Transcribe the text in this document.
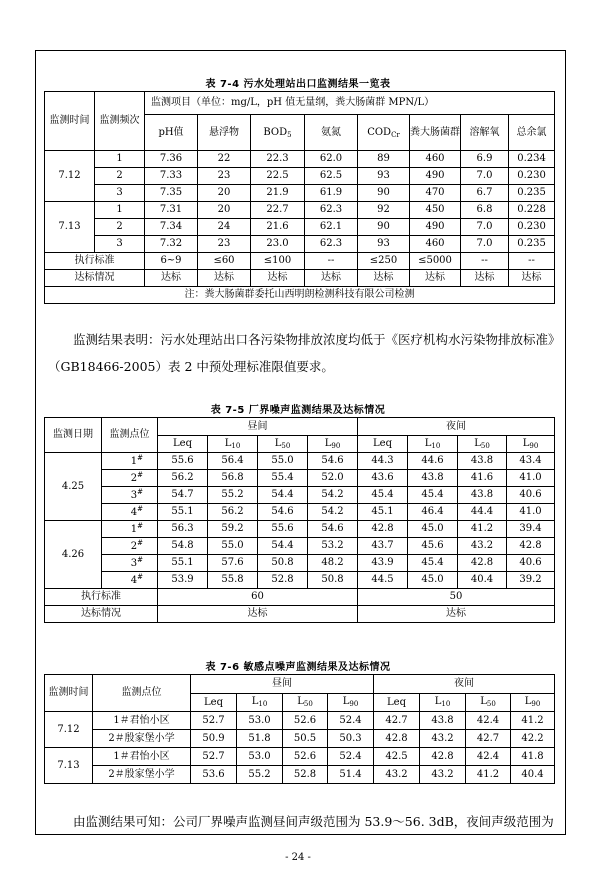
表 7-4 污水处理站出口监测结果一览表
监测时间	监测频次	监测项目（单位：mg/L，pH 值无量纲，粪大肠菌群 MPN/L）							
		pH值	悬浮物	$BOD_5$	氨氮	$COD_{Cr}$	粪大肠菌群	溶解氧	总余氯
7.12	1	7.36	22	22.3	62.0	89	460	6.9	0.234
	2	7.33	23	22.5	62.5	93	490	7.0	0.230
	3	7.35	20	21.9	61.9	90	470	6.7	0.235
7.13	1	7.31	20	22.7	62.3	92	450	6.8	0.228
	2	7.34	24	21.6	62.1	90	490	7.0	0.230
	3	7.32	23	23.0	62.3	93	460	7.0	0.235
执行标准		6~9	≤60	≤100	--	≤250	≤5000	--	--
达标情况		达标	达标	达标	达标	达标	达标	达标	达标
注：粪大肠菌群委托山西明朗检测科技有限公司检测									
监测结果表明：污水处理站出口各污染物排放浓度均低于《医疗机构水污染物排放标准》（GB18466-2005）表 2 中预处理标准限值要求。
表 7-5 厂界噪声监测结果及达标情况
监测日期	监测点位	昼间				夜间			
		Leq	$L_{10}$	$L_{50}$	$L_{90}$	Leq	$L_{10}$	$L_{50}$	$L_{90}$
4.25	1#	55.6	56.4	55.0	54.6	44.3	44.6	43.8	43.4
	2#	56.2	56.8	55.4	52.0	43.6	43.8	41.6	41.0
	3#	54.7	55.2	54.4	54.2	45.4	45.4	43.8	40.6
	4#	55.1	56.2	54.6	54.2	45.1	46.4	44.4	41.0
4.26	1#	56.3	59.2	55.6	54.6	42.8	45.0	41.2	39.4
	2#	54.8	55.0	54.4	53.2	43.7	45.6	43.2	42.8
	3#	55.1	57.6	50.8	48.2	43.9	45.4	42.8	40.6
	4#	53.9	55.8	52.8	50.8	44.5	45.0	40.4	39.2
执行标准		60				50			
达标情况		达标				达标			
表 7-6 敏感点噪声监测结果及达标情况
监测时间	监测点位	昼间				夜间			
		Leq	$L_{10}$	$L_{50}$	$L_{90}$	Leq	$L_{10}$	$L_{50}$	$L_{90}$
7.12	1＃君怡小区	52.7	53.0	52.6	52.4	42.7	43.8	42.4	41.2
	2＃殷家堡小学	50.9	51.8	50.5	50.3	42.8	43.2	42.7	42.2
7.13	1＃君怡小区	52.7	53.0	52.6	52.4	42.5	42.8	42.4	41.8
	2＃殷家堡小学	53.6	55.2	52.8	51.4	43.2	43.2	41.2	40.4
由监测结果可知：公司厂界噪声监测昼间声级范围为 53.9～56. 3dB，夜间声级范围为
- 24 -
